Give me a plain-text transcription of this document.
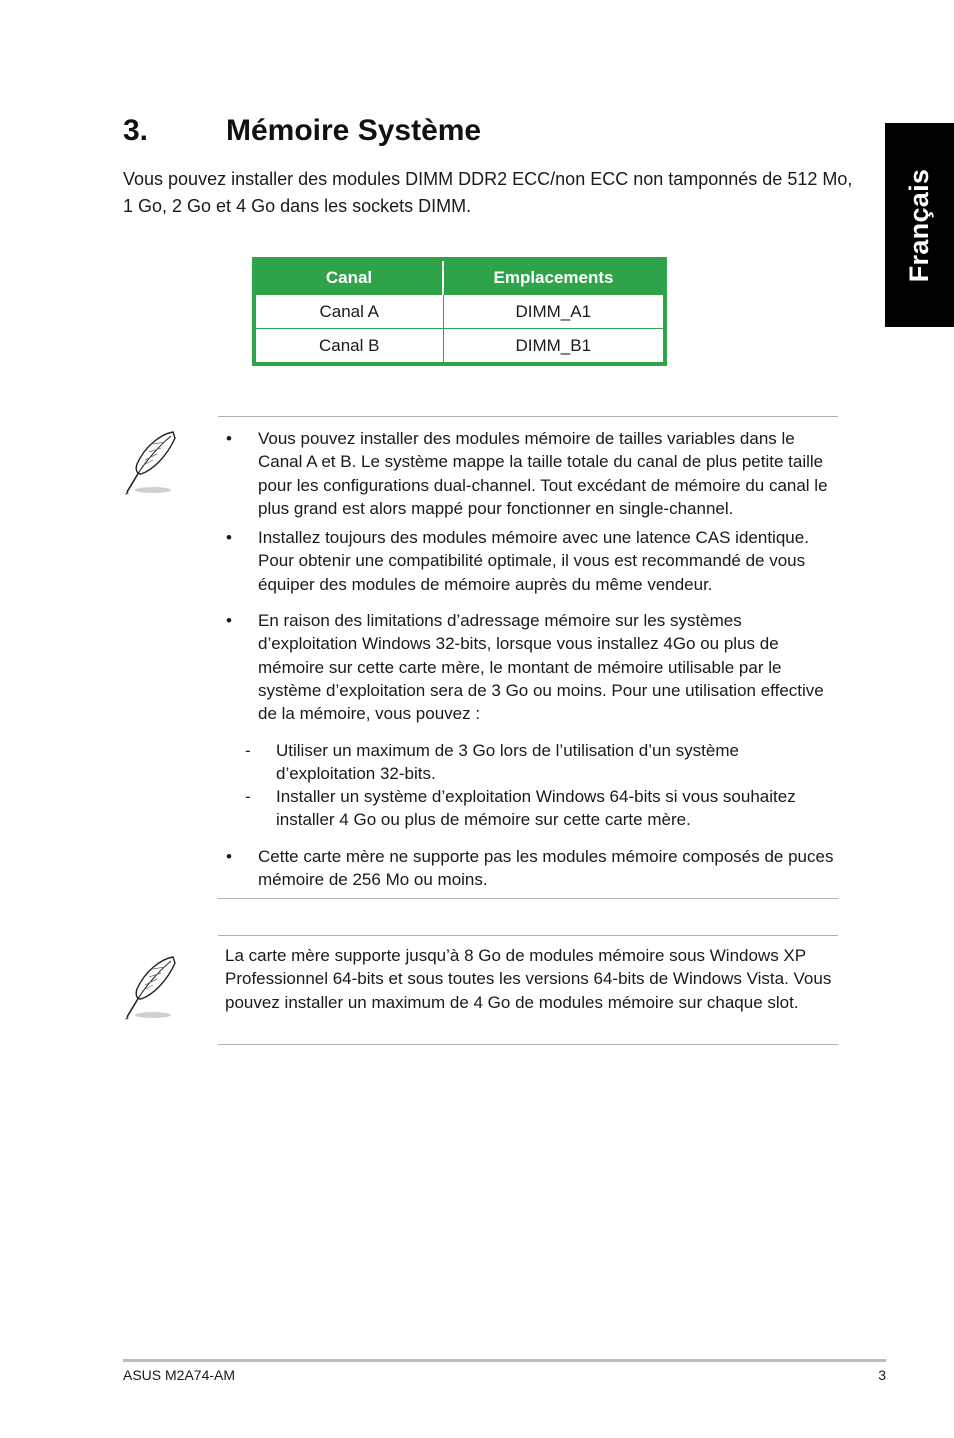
Français
3.	Mémoire Système

Vous pouvez installer des modules DIMM DDR2 ECC/non ECC non tamponnés de 512 Mo, 1 Go, 2 Go et 4 Go dans les sockets DIMM.

Canal	Emplacements
Canal A	DIMM_A1
Canal B	DIMM_B1
• Vous pouvez installer des modules mémoire de tailles variables dans le Canal A et B. Le système mappe la taille totale du canal de plus petite taille pour les configurations dual-channel. Tout excédant de mémoire du canal le plus grand est alors mappé pour fonctionner en single-channel.
• Installez toujours des modules mémoire avec une latence CAS identique. Pour obtenir une compatibilité optimale, il vous est recommandé de vous équiper des modules de mémoire auprès du même vendeur.
• En raison des limitations d’adressage mémoire sur les systèmes d’exploitation Windows 32-bits, lorsque vous installez 4Go ou plus de mémoire sur cette carte mère, le montant de mémoire utilisable par le système d’exploitation sera de 3 Go ou moins. Pour une utilisation effective de la mémoire, vous pouvez :
• Cette carte mère ne supporte pas les modules mémoire composés de puces mémoire de 256 Mo ou moins.
- Utiliser un maximum de 3 Go lors de l’utilisation d’un système d’exploitation 32-bits.
- Installer un système d’exploitation Windows 64-bits si vous souhaitez installer 4 Go ou plus de mémoire sur cette carte mère.

La carte mère supporte jusqu’à 8 Go de modules mémoire sous Windows XP Professionnel 64-bits et sous toutes les versions 64-bits de Windows Vista. Vous pouvez installer un maximum de 4 Go de modules mémoire sur chaque slot.

ASUS M2A74-AM	3
